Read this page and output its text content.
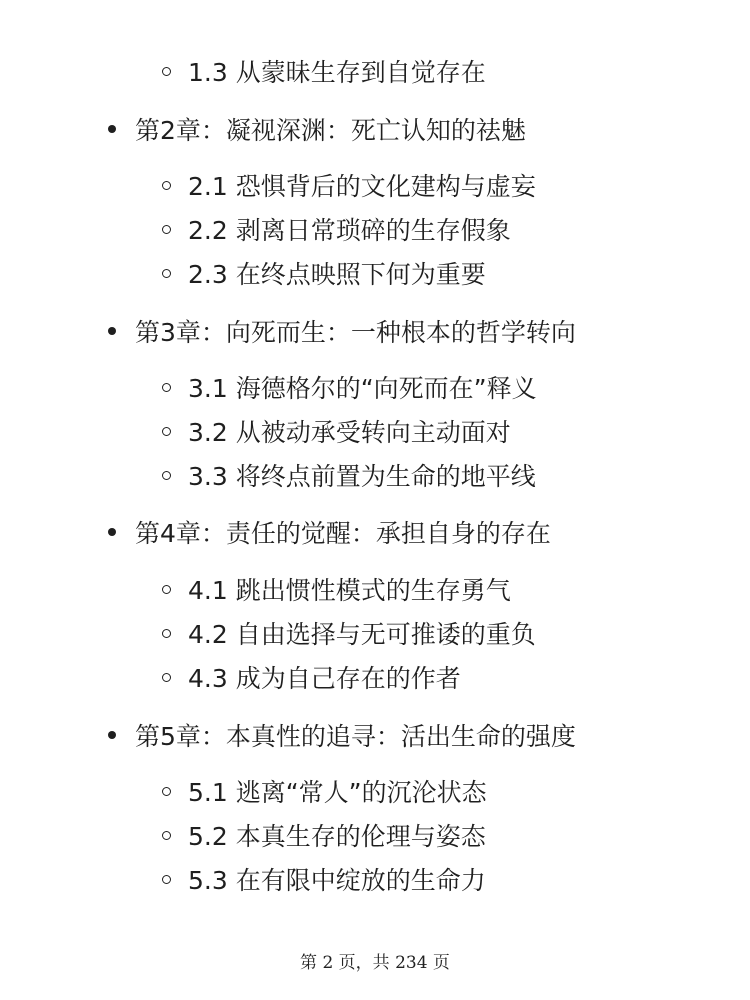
1.3 从蒙昧生存到自觉存在
第2章：凝视深渊：死亡认知的祛魅
2.1 恐惧背后的文化建构与虚妄
2.2 剥离日常琐碎的生存假象
2.3 在终点映照下何为重要
第3章：向死而生：一种根本的哲学转向
3.1 海德格尔的“向死而在”释义
3.2 从被动承受转向主动面对
3.3 将终点前置为生命的地平线
第4章：责任的觉醒：承担自身的存在
4.1 跳出惯性模式的生存勇气
4.2 自由选择与无可推诿的重负
4.3 成为自己存在的作者
第5章：本真性的追寻：活出生命的强度
5.1 逃离“常人”的沉沦状态
5.2 本真生存的伦理与姿态
5.3 在有限中绽放的生命力
第 2 页，共 234 页
